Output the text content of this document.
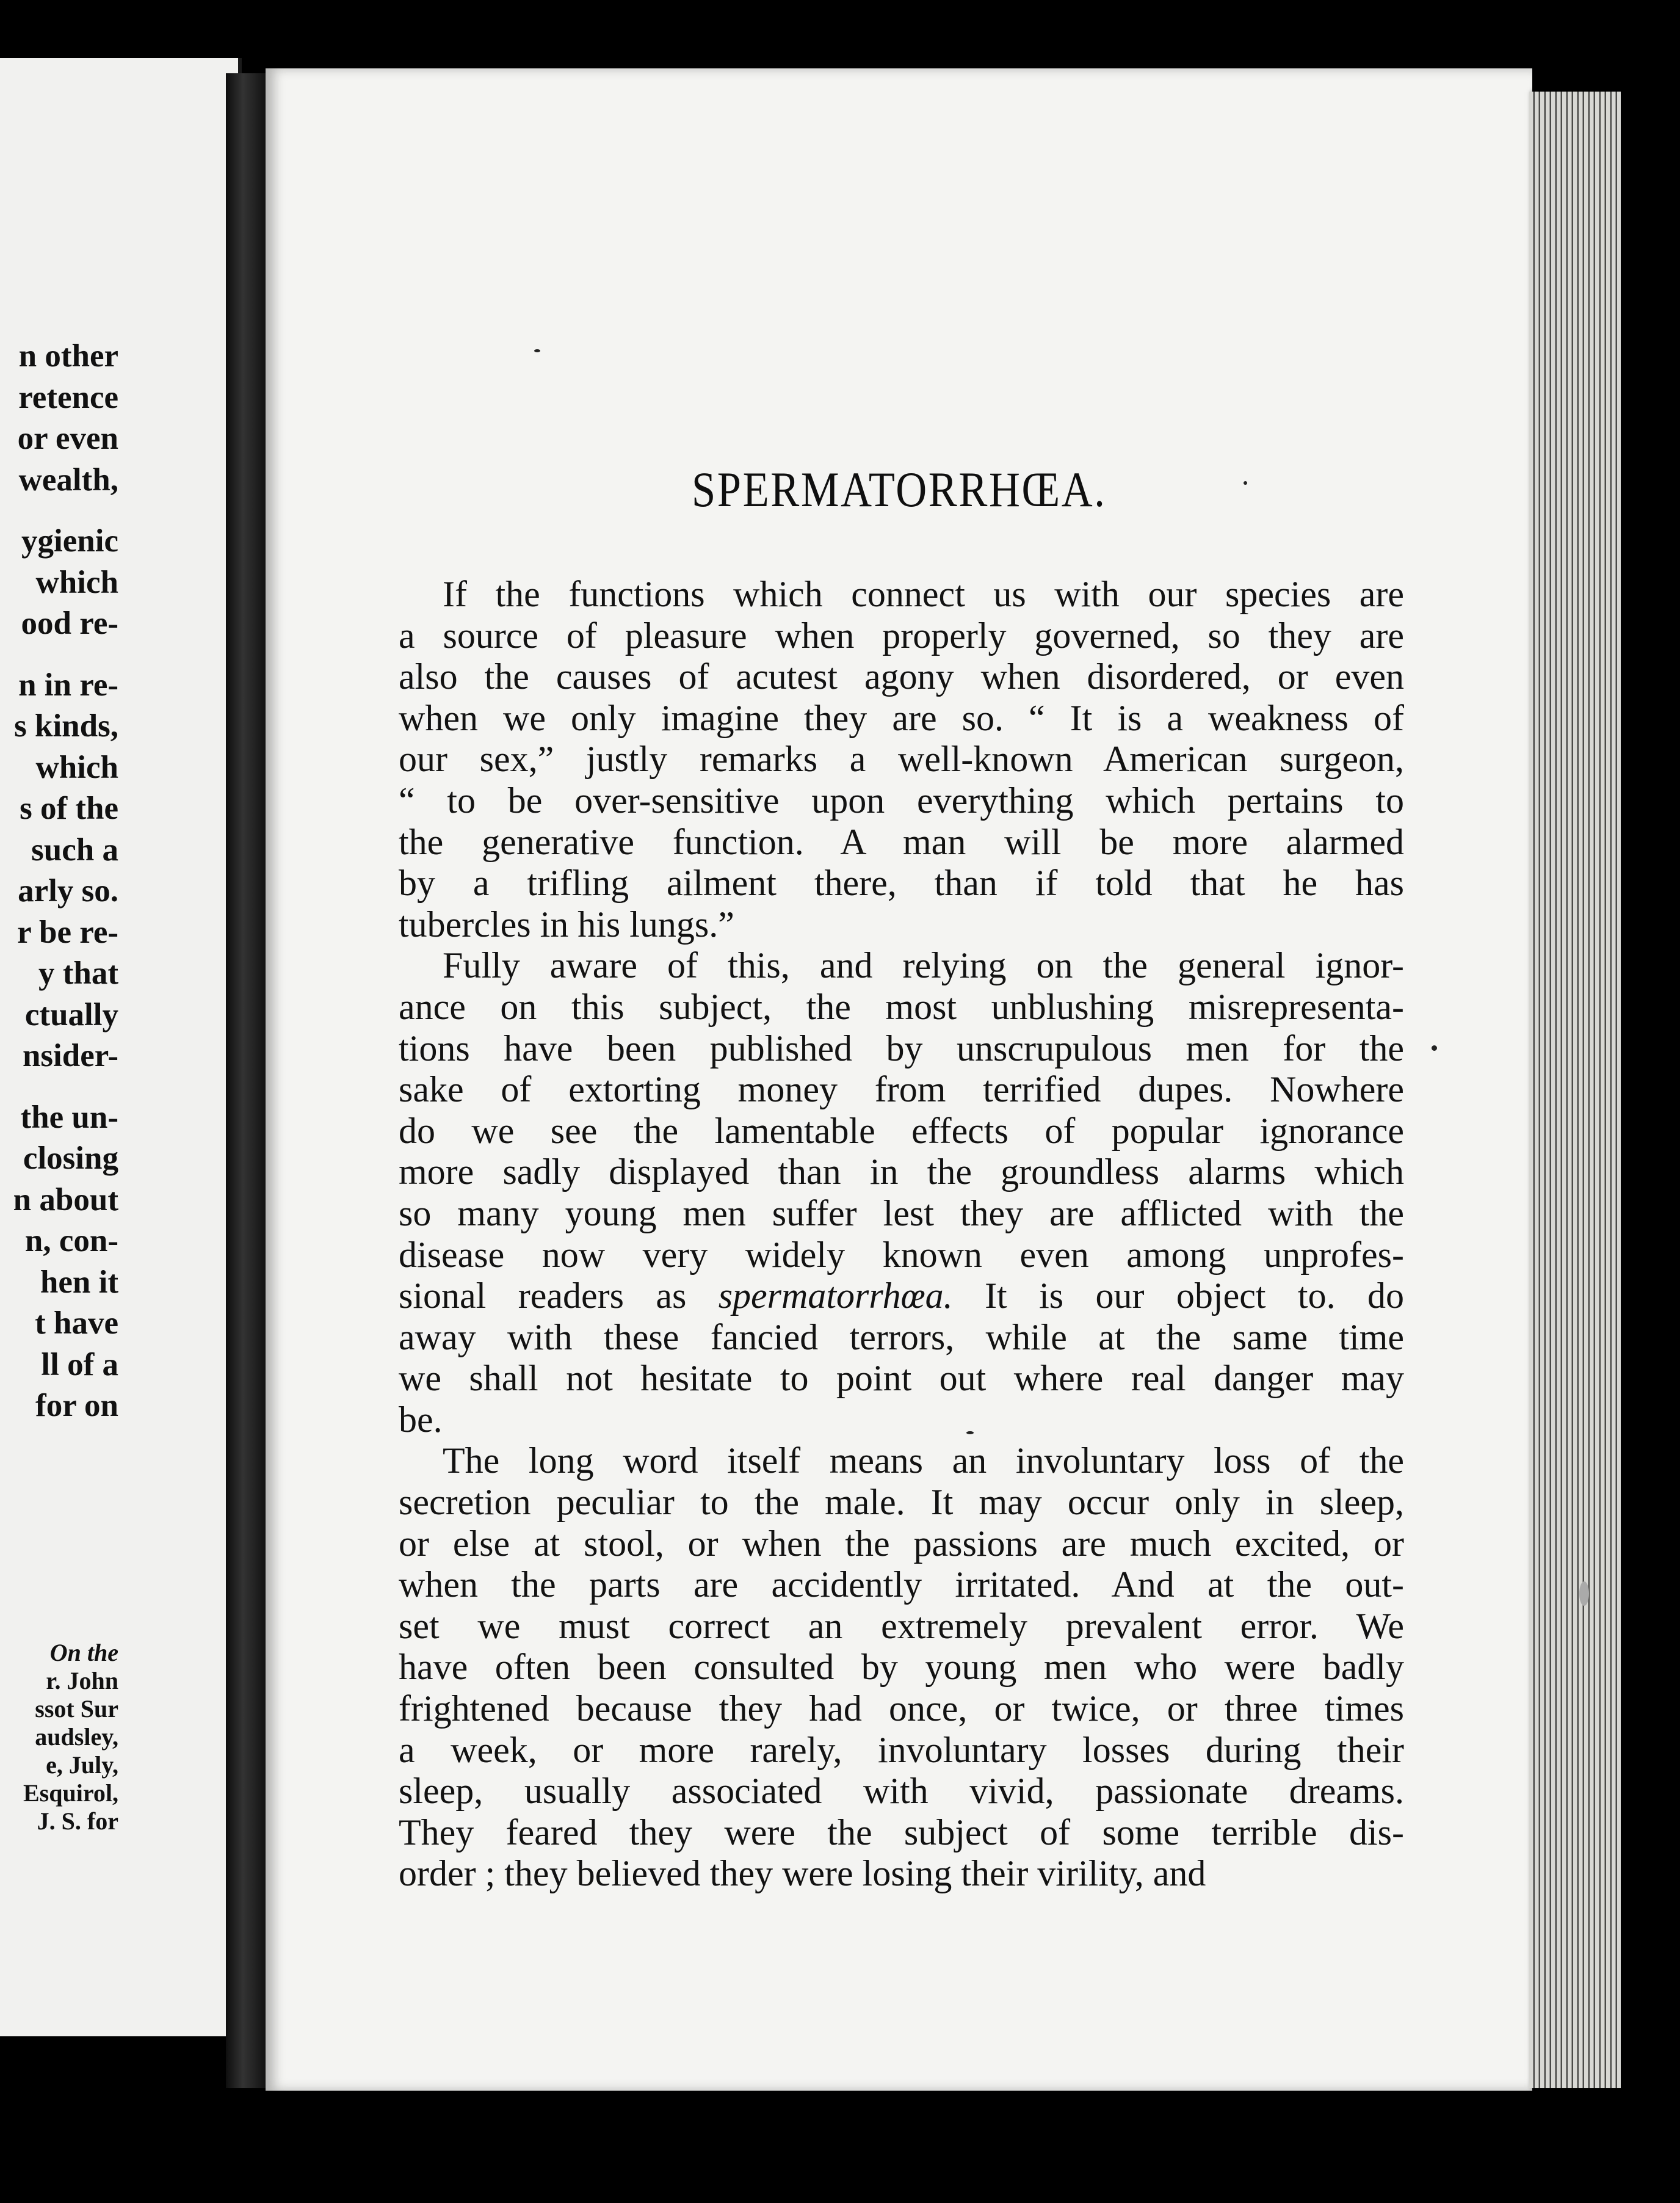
n other
retence
or even
wealth,
ygienic
which
ood re-
n in re-
s kinds,
which
s of the
such a
arly so.
r be re-
y that
ctually
nsider-
the un-
closing
n about
n, con-
hen it
t have
ll of a
for on
On the
r. John
ssot Sur
audsley,
e, July,
Esquirol,
J. S. for
SPERMATORRHŒA.
If the functions which connect us with our species are
a source of pleasure when properly governed, so they are
also the causes of acutest agony when disordered, or even
when we only imagine they are so. “ It is a weakness of
our sex,” justly remarks a well-known American surgeon,
“ to be over-sensitive upon everything which pertains to
the generative function. A man will be more alarmed
by a trifling ailment there, than if told that he has
tubercles in his lungs.”
Fully aware of this, and relying on the general ignor-
ance on this subject, the most unblushing misrepresenta-
tions have been published by unscrupulous men for the
sake of extorting money from terrified dupes. Nowhere
do we see the lamentable effects of popular ignorance
more sadly displayed than in the groundless alarms which
so many young men suffer lest they are afflicted with the
disease now very widely known even among unprofes-
sional readers as spermatorrhœa. It is our object to. do
away with these fancied terrors, while at the same time
we shall not hesitate to point out where real danger may
be.
The long word itself means an involuntary loss of the
secretion peculiar to the male. It may occur only in sleep,
or else at stool, or when the passions are much excited, or
when the parts are accidently irritated. And at the out-
set we must correct an extremely prevalent error. We
have often been consulted by young men who were badly
frightened because they had once, or twice, or three times
a week, or more rarely, involuntary losses during their
sleep, usually associated with vivid, passionate dreams.
They feared they were the subject of some terrible dis-
order ; they believed they were losing their virility, and
